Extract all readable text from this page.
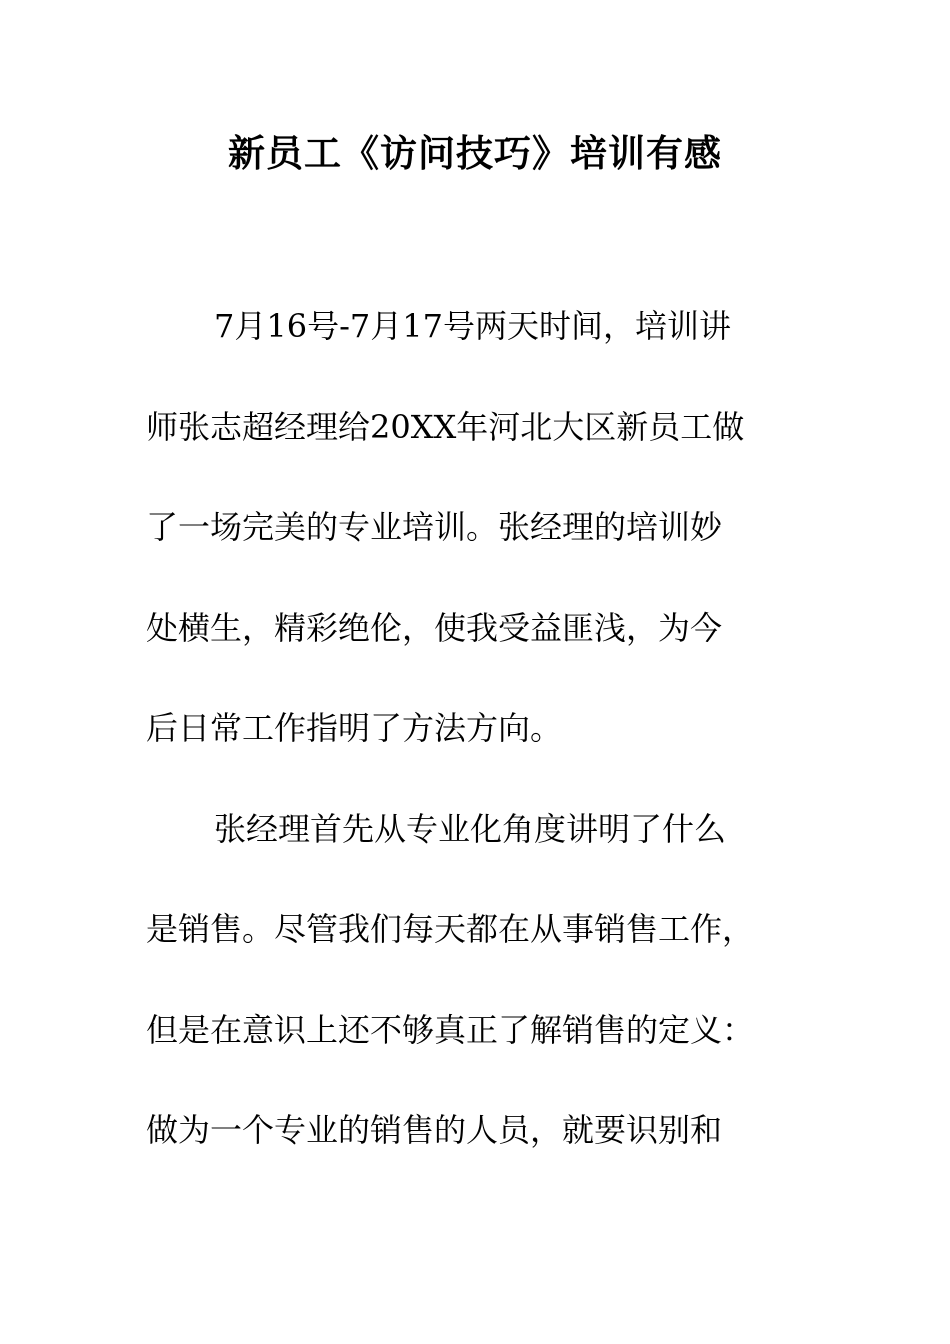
新员工《访问技巧》培训有感
7月16号-7月17号两天时间，培训讲
师张志超经理给20XX年河北大区新员工做
了一场完美的专业培训。张经理的培训妙
处横生，精彩绝伦，使我受益匪浅，为今
后日常工作指明了方法方向。
张经理首先从专业化角度讲明了什么
是销售。尽管我们每天都在从事销售工作，
但是在意识上还不够真正了解销售的定义：
做为一个专业的销售的人员，就要识别和
